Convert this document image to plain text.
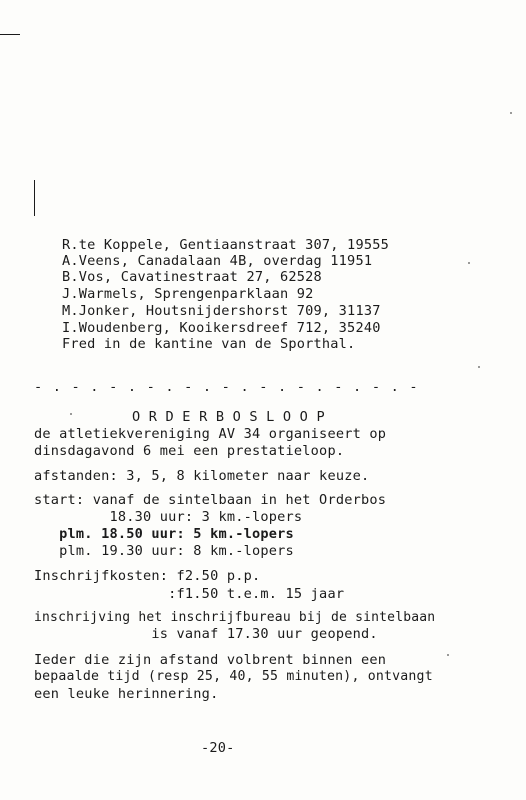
R.te Koppele, Gentiaanstraat 307, 19555
A.Veens, Canadalaan 4B, overdag 11951
B.Vos, Cavatinestraat 27, 62528
J.Warmels, Sprengenparklaan 92
M.Jonker, Houtsnijdershorst 709, 31137
I.Woudenberg, Kooikersdreef 712, 35240
Fred in de kantine van de Sporthal.
- . - . - . - . - . - . - . - . - . - . -
O R D E R B O S L O O P
de atletiekvereniging AV 34 organiseert op
dinsdagavond 6 mei een prestatieloop.
afstanden: 3, 5, 8 kilometer naar keuze.
start: vanaf de sintelbaan in het Orderbos
18.30 uur: 3 km.-lopers
plm. 18.50 uur: 5 km.-lopers
plm. 19.30 uur: 8 km.-lopers
Inschrijfkosten: f2.50 p.p.
:f1.50 t.e.m. 15 jaar
inschrijving het inschrijfbureau bij de sintelbaan
is vanaf 17.30 uur geopend.
Ieder die zijn afstand volbrent binnen een
bepaalde tijd (resp 25, 40, 55 minuten), ontvangt
een leuke herinnering.
-20-
